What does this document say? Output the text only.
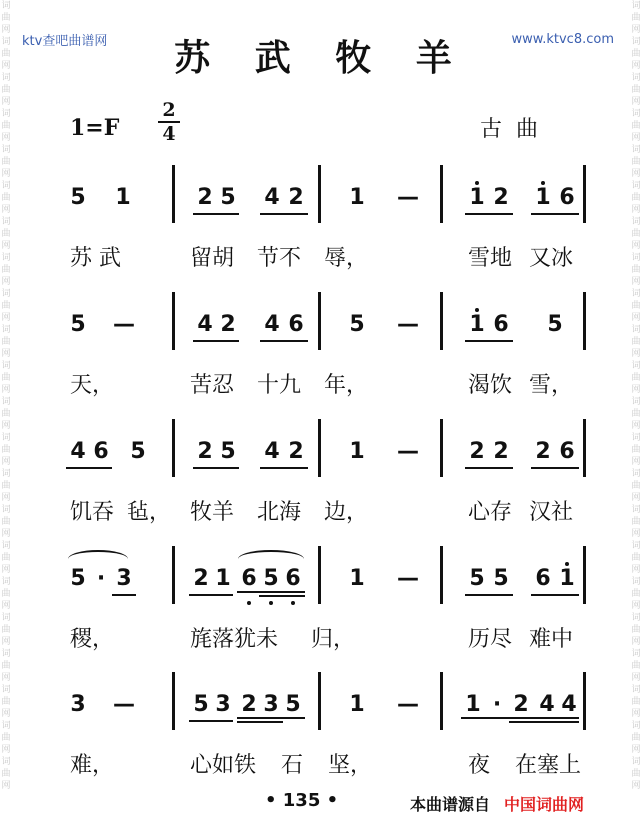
词曲网词曲网词曲网词曲网词曲网词曲网词曲网词曲网词曲网词曲网词曲网词曲网词曲网词曲网词曲网词曲网词曲网词曲网词曲网词曲网词曲网词曲网
词曲网词曲网词曲网词曲网词曲网词曲网词曲网词曲网词曲网词曲网词曲网词曲网词曲网词曲网词曲网词曲网词曲网词曲网词曲网词曲网词曲网词曲网
ktv查吧曲谱网	www.ktvc8.com
苏 武 牧 羊
1=F
2
4	古曲
5 1	2 5 4 2 1 — 1 2 1 6
苏 武	留胡 节不 辱，	雪地 又冰
5 —	4 2 4 6 5 — 1 6 5
天，	苦忍 十九 年，	渴饮 雪，
4 6 5 2 5 4 2 1 — 2 2 2 6
饥吞 毡， 牧羊 北海 边，	心存 汉社
5 · 3	2 1 6 5 6 1 — 5 5 6 1
稷，	旄落犹未 归，	历尽 难中
3 —	5 3 2 3 5 1 — 1 · 2 4 4
难，	心如铁 石 坚，	夜 在塞上
• 135 •	本曲谱源自 中国词曲网
